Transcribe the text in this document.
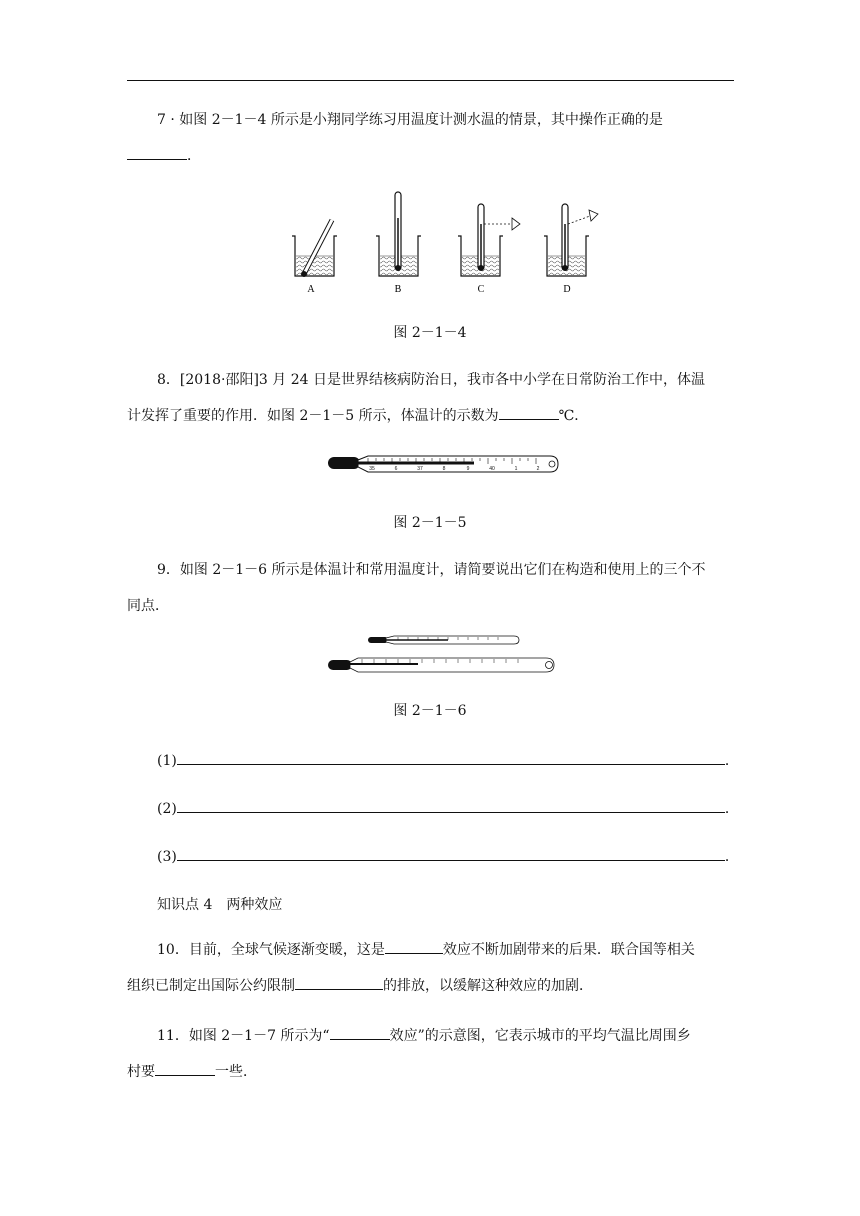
7 · 如图 2－1－4 所示是小翔同学练习用温度计测水温的情景，其中操作正确的是
．
A	B	C	D
图 2－1－4
8．[2018·邵阳]3 月 24 日是世界结核病防治日，我市各中小学在日常防治工作中，体温
计发挥了重要的作用．如图 2－1－5 所示，体温计的示数为	℃．
35	6	37	8	9	40	1	2
图 2－1－5
9．如图 2－1－6 所示是体温计和常用温度计，请简要说出它们在构造和使用上的三个不
同点．
图 2－1－6
(1)	．
(2)	．
(3)	．
知识点 4　两种效应
10．目前，全球气候逐渐变暖，这是	效应不断加剧带来的后果．联合国等相关
组织已制定出国际公约限制	的排放，以缓解这种效应的加剧．
11．如图 2－1－7 所示为“	效应”的示意图，它表示城市的平均气温比周围乡
村要	一些．
